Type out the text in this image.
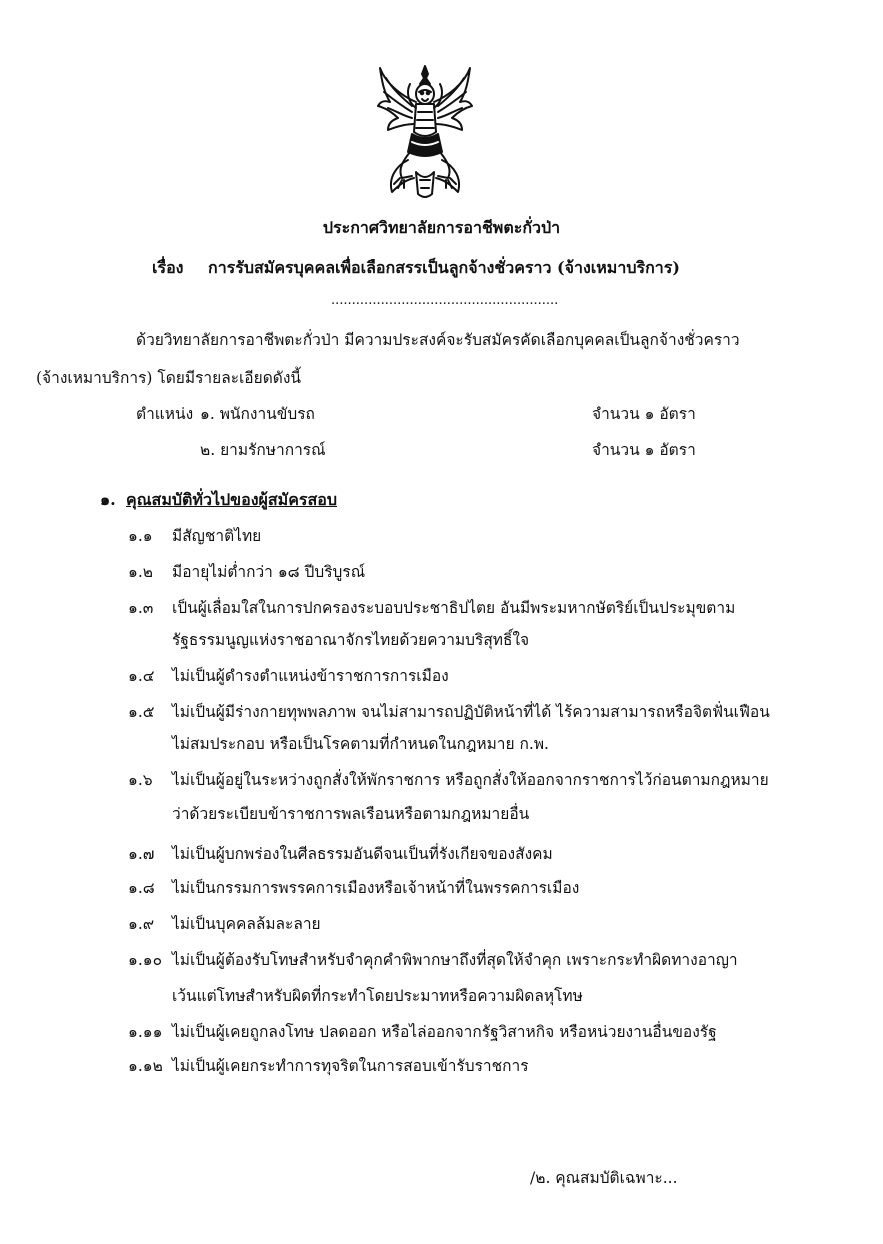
ประกาศวิทยาลัยการอาชีพตะกั่วป่า
เรื่อง การรับสมัครบุคคลเพื่อเลือกสรรเป็นลูกจ้างชั่วคราว (จ้างเหมาบริการ)
.......................................................
ด้วยวิทยาลัยการอาชีพตะกั่วป่า มีความประสงค์จะรับสมัครคัดเลือกบุคคลเป็นลูกจ้างชั่วคราว
(จ้างเหมาบริการ) โดยมีรายละเอียดดังนี้
ตำแหน่ง ๑. พนักงานขับรถ	จำนวน ๑ อัตรา
๒. ยามรักษาการณ์	จำนวน ๑ อัตรา
๑. คุณสมบัติทั่วไปของผู้สมัครสอบ
๑.๑ มีสัญชาติไทย
๑.๒ มีอายุไม่ต่ำกว่า ๑๘ ปีบริบูรณ์
๑.๓ เป็นผู้เลื่อมใสในการปกครองระบอบประชาธิปไตย อันมีพระมหากษัตริย์เป็นประมุขตาม
รัฐธรรมนูญแห่งราชอาณาจักรไทยด้วยความบริสุทธิ์ใจ
๑.๔ ไม่เป็นผู้ดำรงตำแหน่งข้าราชการการเมือง
๑.๕ ไม่เป็นผู้มีร่างกายทุพพลภาพ จนไม่สามารถปฏิบัติหน้าที่ได้ ไร้ความสามารถหรือจิตฟั่นเฟือน
ไม่สมประกอบ หรือเป็นโรคตามที่กำหนดในกฎหมาย ก.พ.
๑.๖ ไม่เป็นผู้อยู่ในระหว่างถูกสั่งให้พักราชการ หรือถูกสั่งให้ออกจากราชการไว้ก่อนตามกฎหมาย
ว่าด้วยระเบียบข้าราชการพลเรือนหรือตามกฎหมายอื่น
๑.๗ ไม่เป็นผู้บกพร่องในศีลธรรมอันดีจนเป็นที่รังเกียจของสังคม
๑.๘ ไม่เป็นกรรมการพรรคการเมืองหรือเจ้าหน้าที่ในพรรคการเมือง
๑.๙ ไม่เป็นบุคคลล้มละลาย
๑.๑๐ ไม่เป็นผู้ต้องรับโทษสำหรับจำคุกคำพิพากษาถึงที่สุดให้จำคุก เพราะกระทำผิดทางอาญา
เว้นแต่โทษสำหรับผิดที่กระทำโดยประมาทหรือความผิดลหุโทษ
๑.๑๑ ไม่เป็นผู้เคยถูกลงโทษ ปลดออก หรือไล่ออกจากรัฐวิสาหกิจ หรือหน่วยงานอื่นของรัฐ
๑.๑๒ ไม่เป็นผู้เคยกระทำการทุจริตในการสอบเข้ารับราชการ
/๒. คุณสมบัติเฉพาะ...
